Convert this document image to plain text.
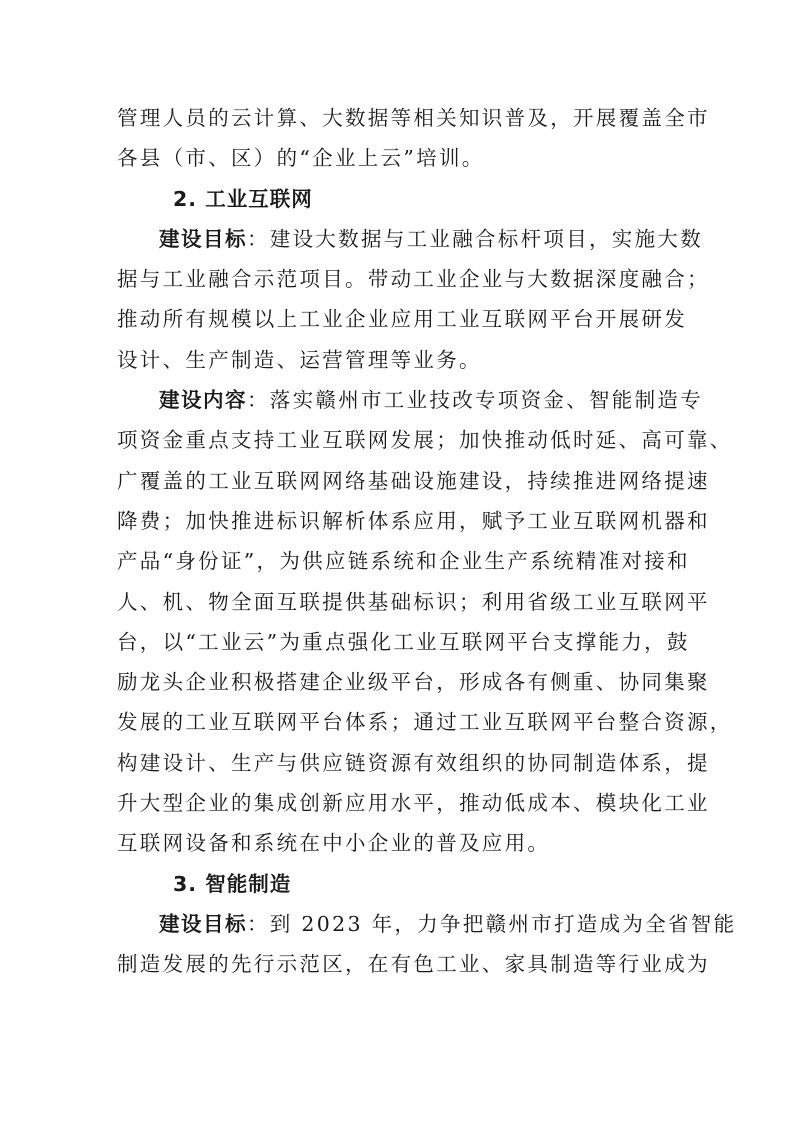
管理人员的云计算、大数据等相关知识普及，开展覆盖全市
各县（市、区）的“企业上云”培训。
2. 工业互联网
建设目标：建设大数据与工业融合标杆项目，实施大数
据与工业融合示范项目。带动工业企业与大数据深度融合；
推动所有规模以上工业企业应用工业互联网平台开展研发
设计、生产制造、运营管理等业务。
建设内容：落实赣州市工业技改专项资金、智能制造专
项资金重点支持工业互联网发展；加快推动低时延、高可靠、
广覆盖的工业互联网网络基础设施建设，持续推进网络提速
降费；加快推进标识解析体系应用，赋予工业互联网机器和
产品“身份证”，为供应链系统和企业生产系统精准对接和
人、机、物全面互联提供基础标识；利用省级工业互联网平
台，以“工业云”为重点强化工业互联网平台支撑能力，鼓
励龙头企业积极搭建企业级平台，形成各有侧重、协同集聚
发展的工业互联网平台体系；通过工业互联网平台整合资源，
构建设计、生产与供应链资源有效组织的协同制造体系，提
升大型企业的集成创新应用水平，推动低成本、模块化工业
互联网设备和系统在中小企业的普及应用。
3. 智能制造
建设目标：到 2023 年，力争把赣州市打造成为全省智能
制造发展的先行示范区，在有色工业、家具制造等行业成为
